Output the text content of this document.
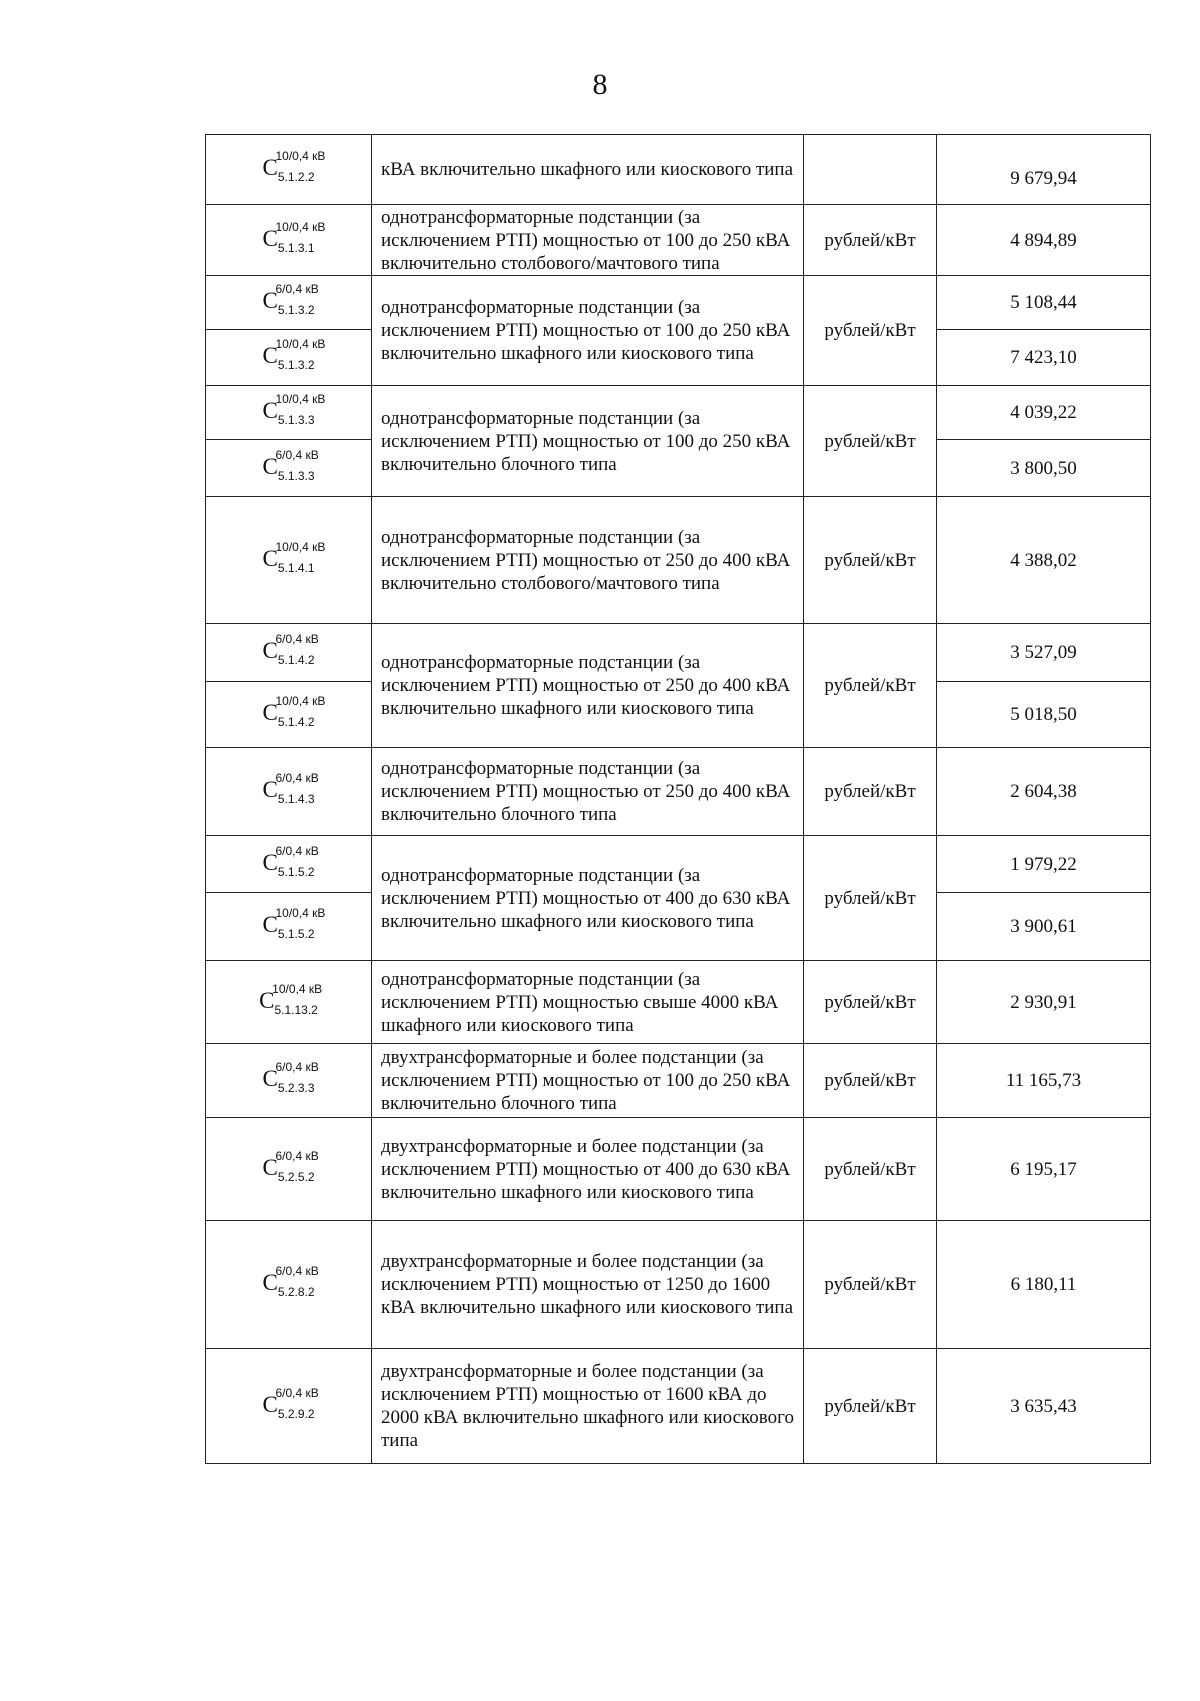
8
C
10/0,4 кВ
$_{5.1.2.2}$	кВА включительно шкафного или киоскового типа		9 679,94
C
10/0,4 кВ
$_{5.1.3.1}$	однотрансформаторные подстанции (за исключением РТП) мощностью от 100 до 250 кВА включительно столбового/мачтового типа	рублей/кВт	4 894,89
C
6/0,4 кВ
$_{5.1.3.2}$	однотрансформаторные подстанции (за исключением РТП) мощностью от 100 до 250 кВА включительно шкафного или киоскового типа	рублей/кВт	5 108,44
C
10/0,4 кВ
$_{5.1.3.2}$			7 423,10
C
10/0,4 кВ
$_{5.1.3.3}$	однотрансформаторные подстанции (за исключением РТП) мощностью от 100 до 250 кВА включительно блочного типа	рублей/кВт	4 039,22
C
6/0,4 кВ
$_{5.1.3.3}$			3 800,50
C
10/0,4 кВ
$_{5.1.4.1}$	однотрансформаторные подстанции (за исключением РТП) мощностью от 250 до 400 кВА включительно столбового/мачтового типа	рублей/кВт	4 388,02
C
6/0,4 кВ
$_{5.1.4.2}$	однотрансформаторные подстанции (за исключением РТП) мощностью от 250 до 400 кВА включительно шкафного или киоскового типа	рублей/кВт	3 527,09
C
10/0,4 кВ
$_{5.1.4.2}$			5 018,50
C
6/0,4 кВ
$_{5.1.4.3}$	однотрансформаторные подстанции (за исключением РТП) мощностью от 250 до 400 кВА включительно блочного типа	рублей/кВт	2 604,38
C
6/0,4 кВ
$_{5.1.5.2}$	однотрансформаторные подстанции (за исключением РТП) мощностью от 400 до 630 кВА включительно шкафного или киоскового типа	рублей/кВт	1 979,22
C
10/0,4 кВ
$_{5.1.5.2}$			3 900,61
C
10/0,4 кВ
$_{5.1.13.2}$	однотрансформаторные подстанции (за исключением РТП) мощностью свыше 4000 кВА шкафного или киоскового типа	рублей/кВт	2 930,91
C
6/0,4 кВ
$_{5.2.3.3}$	двухтрансформаторные и более подстанции (за исключением РТП) мощностью от 100 до 250 кВА включительно блочного типа	рублей/кВт	11 165,73
C
6/0,4 кВ
$_{5.2.5.2}$	двухтрансформаторные и более подстанции (за исключением РТП) мощностью от 400 до 630 кВА включительно шкафного или киоскового типа	рублей/кВт	6 195,17
C
6/0,4 кВ
$_{5.2.8.2}$	двухтрансформаторные и более подстанции (за исключением РТП) мощностью от 1250 до 1600 кВА включительно шкафного или киоскового типа	рублей/кВт	6 180,11
C
6/0,4 кВ
$_{5.2.9.2}$	двухтрансформаторные и более подстанции (за исключением РТП) мощностью от 1600 кВА до 2000 кВА включительно шкафного или киоскового типа	рублей/кВт	3 635,43
